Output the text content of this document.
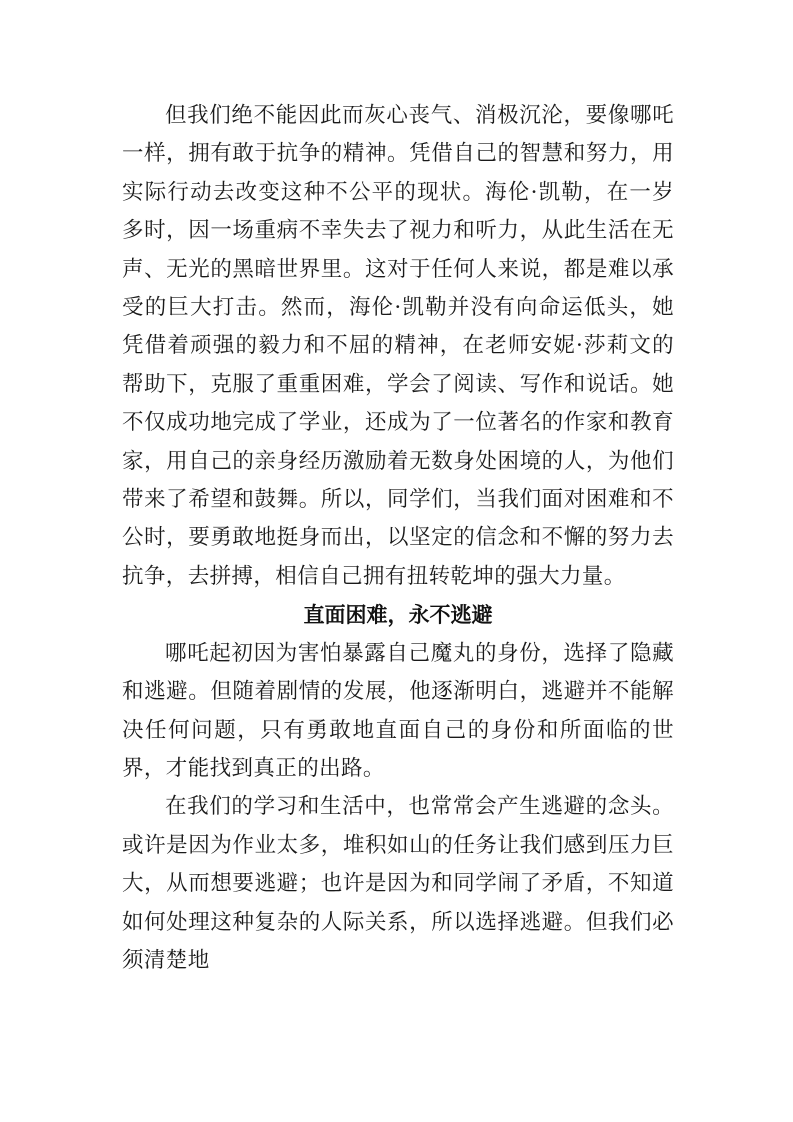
但我们绝不能因此而灰心丧气、消极沉沦，要像哪吒一样，拥有敢于抗争的精神。凭借自己的智慧和努力，用实际行动去改变这种不公平的现状。海伦·凯勒，在一岁多时，因一场重病不幸失去了视力和听力，从此生活在无声、无光的黑暗世界里。这对于任何人来说，都是难以承受的巨大打击。然而，海伦·凯勒并没有向命运低头，她凭借着顽强的毅力和不屈的精神，在老师安妮·莎莉文的帮助下，克服了重重困难，学会了阅读、写作和说话。她不仅成功地完成了学业，还成为了一位著名的作家和教育家，用自己的亲身经历激励着无数身处困境的人，为他们带来了希望和鼓舞。所以，同学们，当我们面对困难和不公时，要勇敢地挺身而出，以坚定的信念和不懈的努力去抗争，去拼搏，相信自己拥有扭转乾坤的强大力量。

直面困难，永不逃避

哪吒起初因为害怕暴露自己魔丸的身份，选择了隐藏和逃避。但随着剧情的发展，他逐渐明白，逃避并不能解决任何问题，只有勇敢地直面自己的身份和所面临的世界，才能找到真正的出路。

在我们的学习和生活中，也常常会产生逃避的念头。或许是因为作业太多，堆积如山的任务让我们感到压力巨大，从而想要逃避；也许是因为和同学闹了矛盾，不知道如何处理这种复杂的人际关系，所以选择逃避。但我们必须清楚地
